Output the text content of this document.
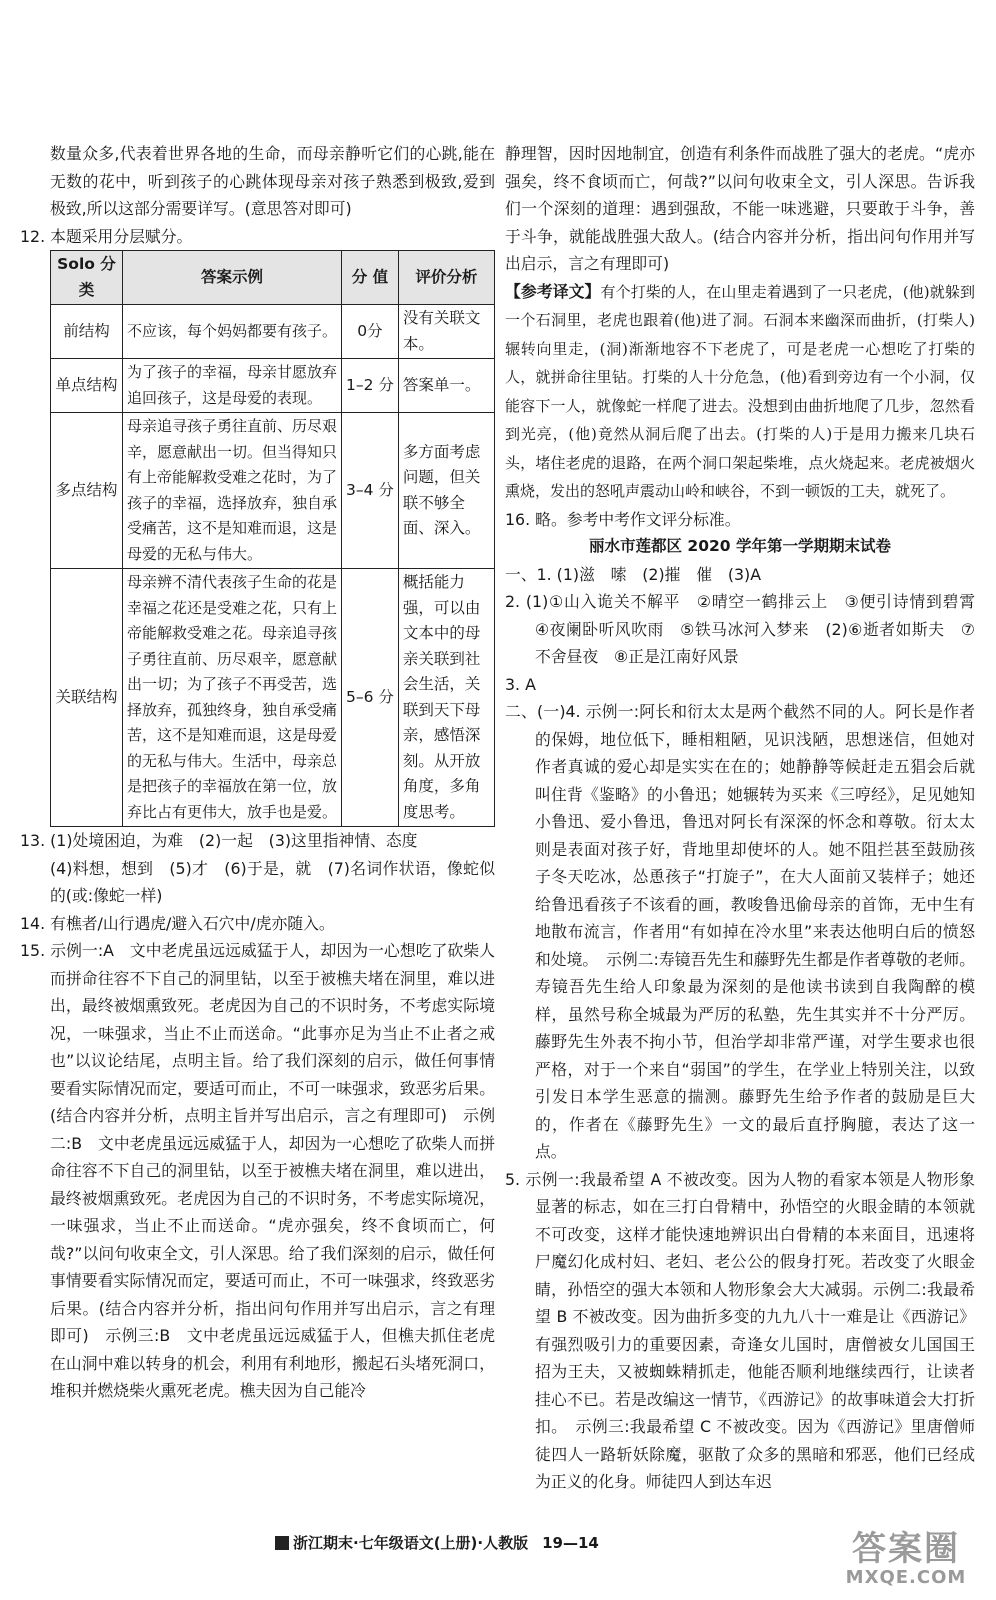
数量众多,代表着世界各地的生命，而母亲静听它们的心跳,能在无数的花中，听到孩子的心跳体现母亲对孩子熟悉到极致,爱到极致,所以这部分需要详写。(意思答对即可)

12. 本题采用分层赋分。

Solo 分类	答案示例	分 值	评价分析
前结构	不应该，每个妈妈都要有孩子。	0分	没有关联文本。
单点结构	为了孩子的幸福，母亲甘愿放弃追回孩子，这是母爱的表现。	1–2 分	答案单一。
多点结构	母亲追寻孩子勇往直前、历尽艰辛，愿意献出一切。但当得知只有上帝能解救受难之花时，为了孩子的幸福，选择放弃，独自承受痛苦，这不是知难而退，这是母爱的无私与伟大。	3–4 分	多方面考虑问题，但关联不够全面、深入。
关联结构	母亲辨不清代表孩子生命的花是幸福之花还是受难之花，只有上帝能解救受难之花。母亲追寻孩子勇往直前、历尽艰辛，愿意献出一切；为了孩子不再受苦，选择放弃，孤独终身，独自承受痛苦，这不是知难而退，这是母爱的无私与伟大。生活中，母亲总是把孩子的幸福放在第一位，放弃比占有更伟大，放手也是爱。	5–6 分	概括能力强，可以由文本中的母亲关联到社会生活，关联到天下母亲，感悟深刻。从开放角度，多角度思考。

13. (1)处境困迫，为难　(2)一起　(3)这里指神情、态度

(4)料想，想到　(5)才　(6)于是，就　(7)名词作状语，像蛇似的(或:像蛇一样)

14. 有樵者/山行遇虎/避入石穴中/虎亦随入。

15. 示例一:A　文中老虎虽远远威猛于人，却因为一心想吃了砍柴人而拼命往容不下自己的洞里钻，以至于被樵夫堵在洞里，难以进出，最终被烟熏致死。老虎因为自己的不识时务，不考虑实际境况，一味强求，当止不止而送命。“此事亦足为当止不止者之戒也”以议论结尾，点明主旨。给了我们深刻的启示，做任何事情要看实际情况而定，要适可而止，不可一味强求，致恶劣后果。(结合内容并分析，点明主旨并写出启示，言之有理即可)　示例二:B　文中老虎虽远远威猛于人，却因为一心想吃了砍柴人而拼命往容不下自己的洞里钻，以至于被樵夫堵在洞里，难以进出，最终被烟熏致死。老虎因为自己的不识时务，不考虑实际境况，一味强求，当止不止而送命。“虎亦强矣，终不食顷而亡，何哉?”以问句收束全文，引人深思。给了我们深刻的启示，做任何事情要看实际情况而定，要适可而止，不可一味强求，终致恶劣后果。(结合内容并分析，指出问句作用并写出启示，言之有理即可)　示例三:B　文中老虎虽远远威猛于人，但樵夫抓住老虎在山洞中难以转身的机会，利用有利地形，搬起石头堵死洞口，堆积并燃烧柴火熏死老虎。樵夫因为自己能冷

静理智，因时因地制宜，创造有利条件而战胜了强大的老虎。“虎亦强矣，终不食顷而亡，何哉?”以问句收束全文，引人深思。告诉我们一个深刻的道理：遇到强敌，不能一味逃避，只要敢于斗争，善于斗争，就能战胜强大敌人。(结合内容并分析，指出问句作用并写出启示，言之有理即可)

【参考译文】有个打柴的人，在山里走着遇到了一只老虎，(他)就躲到一个石洞里，老虎也跟着(他)进了洞。石洞本来幽深而曲折，(打柴人)辗转向里走，(洞)渐渐地容不下老虎了，可是老虎一心想吃了打柴的人，就拼命往里钻。打柴的人十分危急，(他)看到旁边有一个小洞，仅能容下一人，就像蛇一样爬了进去。没想到由曲折地爬了几步，忽然看到光亮，(他)竟然从洞后爬了出去。(打柴的人)于是用力搬来几块石头，堵住老虎的退路，在两个洞口架起柴堆，点火烧起来。老虎被烟火熏烧，发出的怒吼声震动山岭和峡谷，不到一顿饭的工夫，就死了。

16. 略。参考中考作文评分标准。

丽水市莲都区 2020 学年第一学期期末试卷

一、1. (1)滋　嗦　(2)摧　催　(3)A

2. (1)①山入诡关不解平　②晴空一鹤排云上　③便引诗情到碧霄　④夜阑卧听风吹雨　⑤铁马冰河入梦来　(2)⑥逝者如斯夫　⑦不舍昼夜　⑧正是江南好风景

3. A

二、(一)4. 示例一:阿长和衍太太是两个截然不同的人。阿长是作者的保姆，地位低下，睡相粗陋，见识浅陋，思想迷信，但她对作者真诚的爱心却是实实在在的；她静静等候赶走五猖会后就叫住背《鉴略》的小鲁迅；她辗转为买来《三哼经》，足见她知小鲁迅、爱小鲁迅，鲁迅对阿长有深深的怀念和尊敬。衍太太则是表面对孩子好，背地里却使坏的人。她不阻拦甚至鼓励孩子冬天吃冰，怂恿孩子“打旋子”，在大人面前又装样子；她还给鲁迅看孩子不该看的画，教唆鲁迅偷母亲的首饰，无中生有地散布流言，作者用“有如掉在冷水里”来表达他明白后的愤怒和处境。　示例二:寿镜吾先生和藤野先生都是作者尊敬的老师。寿镜吾先生给人印象最为深刻的是他读书读到自我陶醉的模样，虽然号称全城最为严厉的私塾，先生其实并不十分严厉。藤野先生外表不拘小节，但治学却非常严谨，对学生要求也很严格，对于一个来自“弱国”的学生，在学业上特别关注，以致引发日本学生恶意的揣测。藤野先生给予作者的鼓励是巨大的，作者在《藤野先生》一文的最后直抒胸臆，表达了这一点。

5. 示例一:我最希望 A 不被改变。因为人物的看家本领是人物形象显著的标志，如在三打白骨精中，孙悟空的火眼金睛的本领就不可改变，这样才能快速地辨识出白骨精的本来面目，迅速将尸魔幻化成村妇、老妇、老公公的假身打死。若改变了火眼金睛，孙悟空的强大本领和人物形象会大大减弱。示例二:我最希望 B 不被改变。因为曲折多变的九九八十一难是让《西游记》有强烈吸引力的重要因素，奇逢女儿国时，唐僧被女儿国国王招为王夫，又被蜘蛛精抓走，他能否顺利地继续西行，让读者挂心不已。若是改编这一情节，《西游记》的故事味道会大打折扣。　示例三:我最希望 C 不被改变。因为《西游记》里唐僧师徒四人一路斩妖除魔，驱散了众多的黑暗和邪恶，他们已经成为正义的化身。师徒四人到达车迟

浙江期末·七年级语文(上册)·人教版 19—14	答案圈
MXQE.COM
